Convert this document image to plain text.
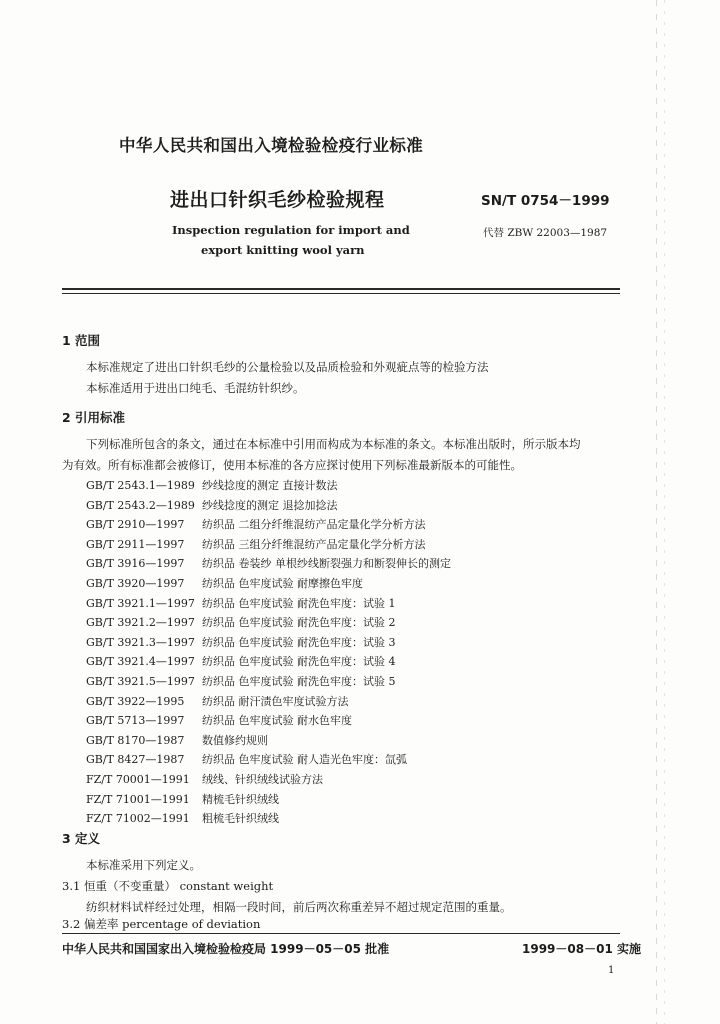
中华人民共和国出入境检验检疫行业标准
进出口针织毛纱检验规程	SN/T 0754－1999
Inspection regulation for import and
export knitting wool yarn
代替 ZBW 22003—1987
1 范围
本标准规定了进出口针织毛纱的公量检验以及品质检验和外观疵点等的检验方法
本标准适用于进出口纯毛、毛混纺针织纱。
2 引用标准
下列标准所包含的条文，通过在本标准中引用而构成为本标准的条文。本标准出版时，所示版本均
为有效。所有标准都会被修订，使用本标准的各方应探讨使用下列标准最新版本的可能性。
GB/T 2543.1—1989 纱线捻度的测定 直接计数法
GB/T 2543.2—1989 纱线捻度的测定 退捻加捻法
GB/T 2910—1997 纺织品 二组分纤维混纺产品定量化学分析方法
GB/T 2911—1997 纺织品 三组分纤维混纺产品定量化学分析方法
GB/T 3916—1997 纺织品 卷装纱 单根纱线断裂强力和断裂伸长的测定
GB/T 3920—1997 纺织品 色牢度试验 耐摩擦色牢度
GB/T 3921.1—1997 纺织品 色牢度试验 耐洗色牢度：试验 1
GB/T 3921.2—1997 纺织品 色牢度试验 耐洗色牢度：试验 2
GB/T 3921.3—1997 纺织品 色牢度试验 耐洗色牢度：试验 3
GB/T 3921.4—1997 纺织品 色牢度试验 耐洗色牢度：试验 4
GB/T 3921.5—1997 纺织品 色牢度试验 耐洗色牢度：试验 5
GB/T 3922—1995 纺织品 耐汗渍色牢度试验方法
GB/T 5713—1997 纺织品 色牢度试验 耐水色牢度
GB/T 8170—1987 数值修约规则
GB/T 8427—1987 纺织品 色牢度试验 耐人造光色牢度：氙弧
FZ/T 70001—1991 绒线、针织绒线试验方法
FZ/T 71001—1991 精梳毛针织绒线
FZ/T 71002—1991 粗梳毛针织绒线
3 定义
本标准采用下列定义。
3.1 恒重（不变重量） constant weight
纺织材料试样经过处理，相隔一段时间，前后两次称重差异不超过规定范围的重量。
3.2 偏差率 percentage of deviation
中华人民共和国国家出入境检验检疫局 1999－05－05 批准	1999－08－01 实施
1
